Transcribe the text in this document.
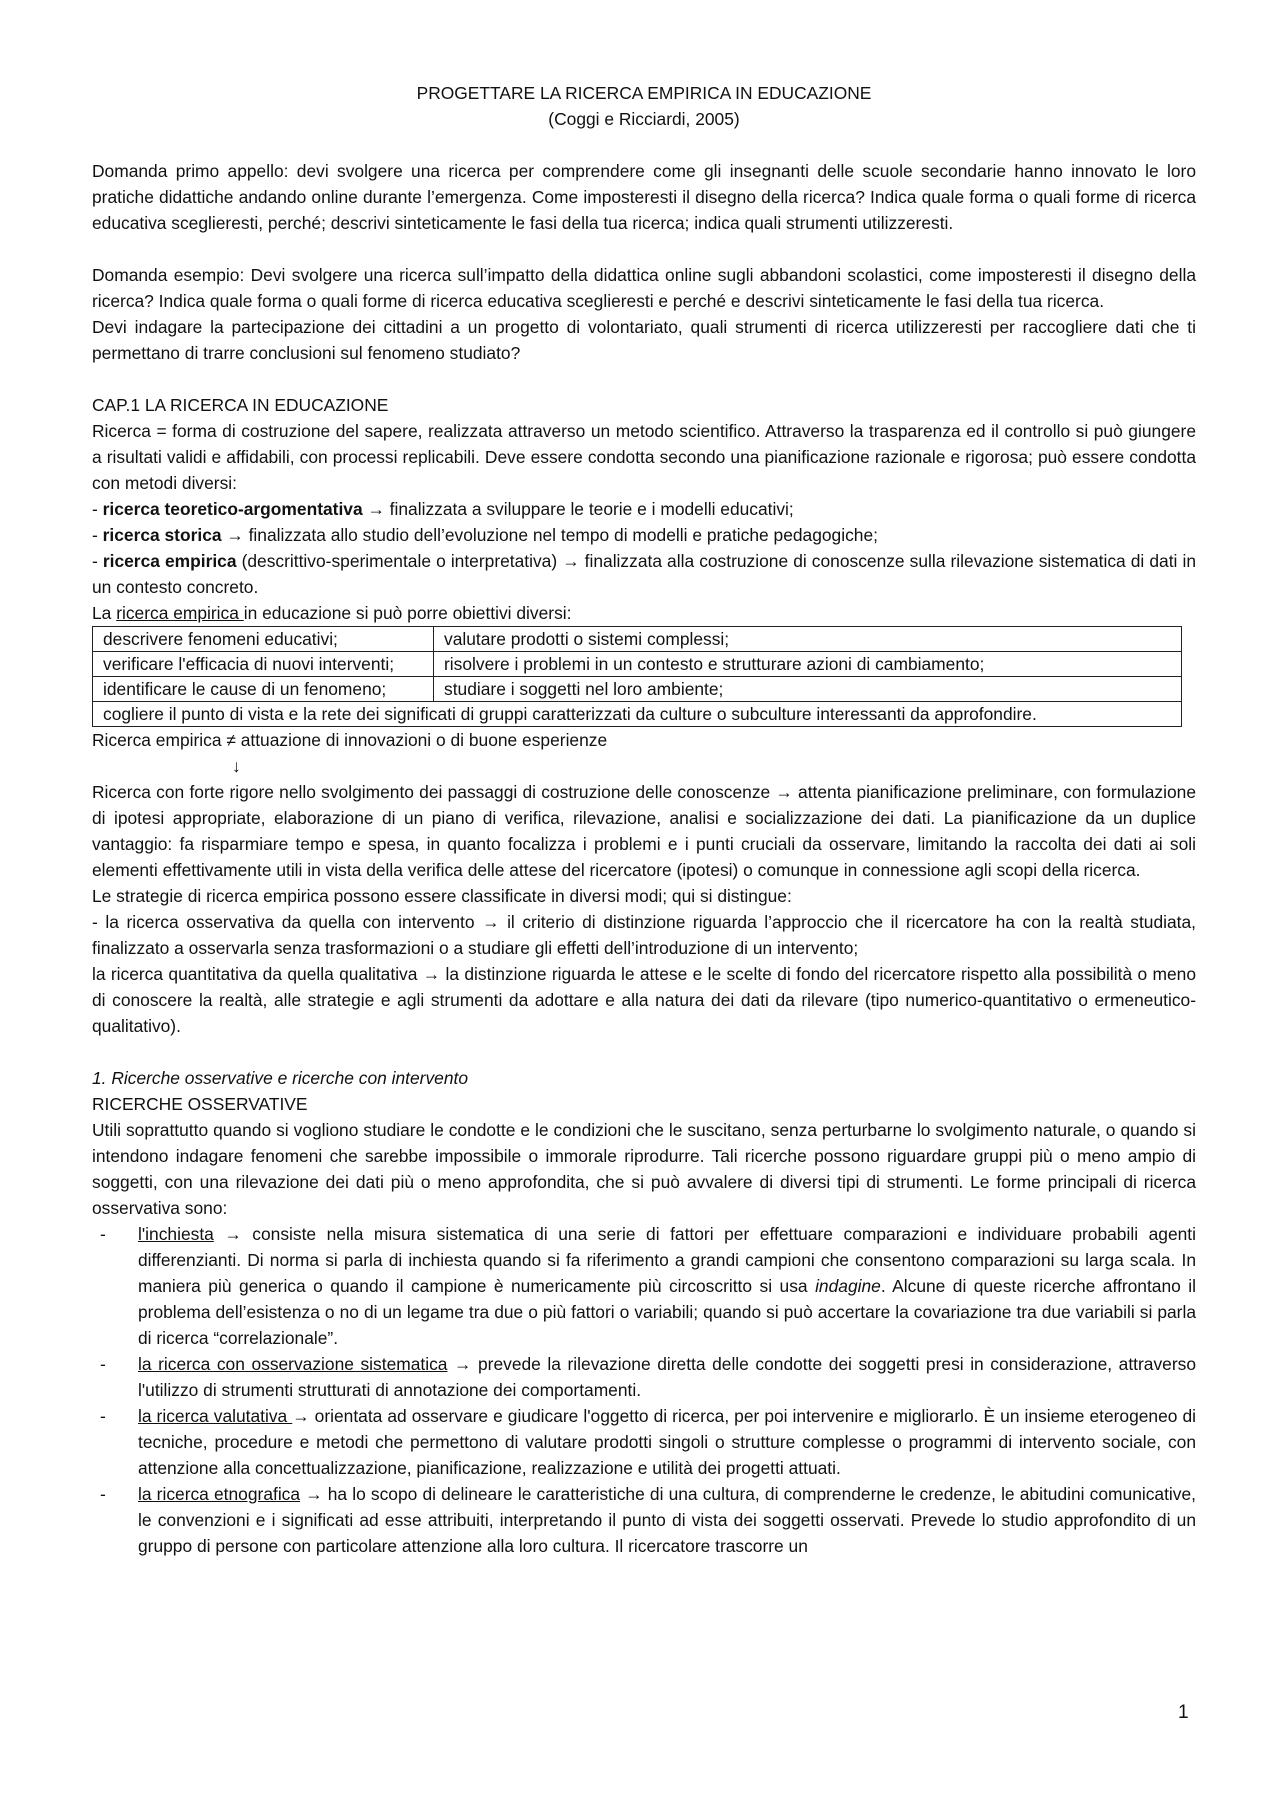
PROGETTARE LA RICERCA EMPIRICA IN EDUCAZIONE

(Coggi e Ricciardi, 2005)

Domanda primo appello: devi svolgere una ricerca per comprendere come gli insegnanti delle scuole secondarie hanno innovato le loro pratiche didattiche andando online durante l’emergenza. Come imposteresti il disegno della ricerca? Indica quale forma o quali forme di ricerca educativa sceglieresti, perché; descrivi sinteticamente le fasi della tua ricerca; indica quali strumenti utilizzeresti.

Domanda esempio: Devi svolgere una ricerca sull’impatto della didattica online sugli abbandoni scolastici, come imposteresti il disegno della ricerca? Indica quale forma o quali forme di ricerca educativa sceglieresti e perché e descrivi sinteticamente le fasi della tua ricerca.

Devi indagare la partecipazione dei cittadini a un progetto di volontariato, quali strumenti di ricerca utilizzeresti per raccogliere dati che ti permettano di trarre conclusioni sul fenomeno studiato?

CAP.1 LA RICERCA IN EDUCAZIONE

Ricerca = forma di costruzione del sapere, realizzata attraverso un metodo scientifico. Attraverso la trasparenza ed il controllo si può giungere a risultati validi e affidabili, con processi replicabili. Deve essere condotta secondo una pianificazione razionale e rigorosa; può essere condotta con metodi diversi:

- ricerca teoretico-argomentativa → finalizzata a sviluppare le teorie e i modelli educativi;

- ricerca storica → finalizzata allo studio dell’evoluzione nel tempo di modelli e pratiche pedagogiche;

- ricerca empirica (descrittivo-sperimentale o interpretativa) → finalizzata alla costruzione di conoscenze sulla rilevazione sistematica di dati in un contesto concreto.

La ricerca empirica in educazione si può porre obiettivi diversi:

descrivere fenomeni educativi;	valutare prodotti o sistemi complessi;
verificare l'efficacia di nuovi interventi;	risolvere i problemi in un contesto e strutturare azioni di cambiamento;
identificare le cause di un fenomeno;	studiare i soggetti nel loro ambiente;
cogliere il punto di vista e la rete dei significati di gruppi caratterizzati da culture o subculture interessanti da approfondire.	

Ricerca empirica ≠ attuazione di innovazioni o di buone esperienze

↓

Ricerca con forte rigore nello svolgimento dei passaggi di costruzione delle conoscenze → attenta pianificazione preliminare, con formulazione di ipotesi appropriate, elaborazione di un piano di verifica, rilevazione, analisi e socializzazione dei dati. La pianificazione da un duplice vantaggio: fa risparmiare tempo e spesa, in quanto focalizza i problemi e i punti cruciali da osservare, limitando la raccolta dei dati ai soli elementi effettivamente utili in vista della verifica delle attese del ricercatore (ipotesi) o comunque in connessione agli scopi della ricerca.

Le strategie di ricerca empirica possono essere classificate in diversi modi; qui si distingue:

- la ricerca osservativa da quella con intervento → il criterio di distinzione riguarda l’approccio che il ricercatore ha con la realtà studiata, finalizzato a osservarla senza trasformazioni o a studiare gli effetti dell’introduzione di un intervento;

la ricerca quantitativa da quella qualitativa → la distinzione riguarda le attese e le scelte di fondo del ricercatore rispetto alla possibilità o meno di conoscere la realtà, alle strategie e agli strumenti da adottare e alla natura dei dati da rilevare (tipo numerico-quantitativo o ermeneutico-qualitativo).

1. Ricerche osservative e ricerche con intervento

RICERCHE OSSERVATIVE

Utili soprattutto quando si vogliono studiare le condotte e le condizioni che le suscitano, senza perturbarne lo svolgimento naturale, o quando si intendono indagare fenomeni che sarebbe impossibile o immorale riprodurre. Tali ricerche possono riguardare gruppi più o meno ampio di soggetti, con una rilevazione dei dati più o meno approfondita, che si può avvalere di diversi tipi di strumenti. Le forme principali di ricerca osservativa sono:

- l'inchiesta → consiste nella misura sistematica di una serie di fattori per effettuare comparazioni e individuare probabili agenti differenzianti. Di norma si parla di inchiesta quando si fa riferimento a grandi campioni che consentono comparazioni su larga scala. In maniera più generica o quando il campione è numericamente più circoscritto si usa indagine. Alcune di queste ricerche affrontano il problema dell’esistenza o no di un legame tra due o più fattori o variabili; quando si può accertare la covariazione tra due variabili si parla di ricerca “correlazionale”.
- la ricerca con osservazione sistematica → prevede la rilevazione diretta delle condotte dei soggetti presi in considerazione, attraverso l'utilizzo di strumenti strutturati di annotazione dei comportamenti.
- la ricerca valutativa → orientata ad osservare e giudicare l'oggetto di ricerca, per poi intervenire e migliorarlo. È un insieme eterogeneo di tecniche, procedure e metodi che permettono di valutare prodotti singoli o strutture complesse o programmi di intervento sociale, con attenzione alla concettualizzazione, pianificazione, realizzazione e utilità dei progetti attuati.
- la ricerca etnografica → ha lo scopo di delineare le caratteristiche di una cultura, di comprenderne le credenze, le abitudini comunicative, le convenzioni e i significati ad esse attribuiti, interpretando il punto di vista dei soggetti osservati. Prevede lo studio approfondito di un gruppo di persone con particolare attenzione alla loro cultura. Il ricercatore trascorre un
1
